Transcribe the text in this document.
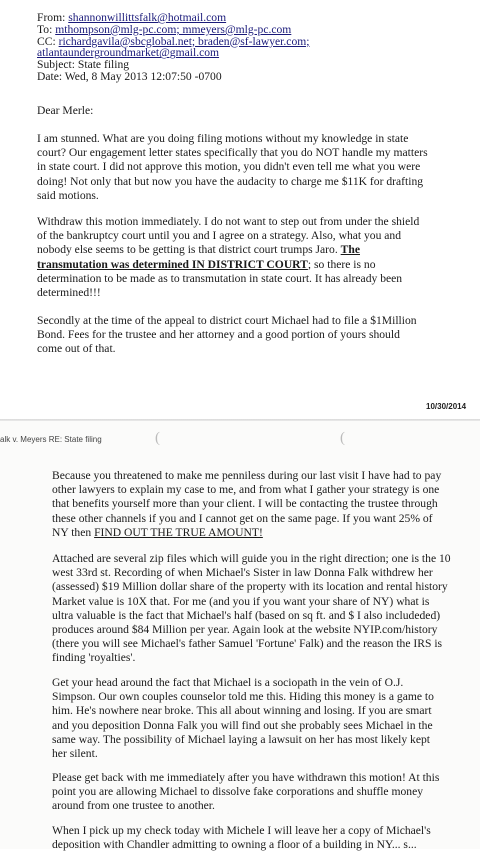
From: shannonwillittsfalk@hotmail.com
To: mthompson@mlg-pc.com; mmeyers@mlg-pc.com
CC: richardgavila@sbcglobal.net; braden@sf-lawyer.com;
atlantaundergroundmarket@gmail.com
Subject: State filing
Date: Wed, 8 May 2013 12:07:50 -0700
Dear Merle:
I am stunned. What are you doing filing motions without my knowledge in state
court? Our engagement letter states specifically that you do NOT handle my matters
in state court. I did not approve this motion, you didn't even tell me what you were
doing! Not only that but now you have the audacity to charge me $11K for drafting
said motions.
Withdraw this motion immediately. I do not want to step out from under the shield
of the bankruptcy court until you and I agree on a strategy. Also, what you and
nobody else seems to be getting is that district court trumps Jaro. The
transmutation was determined IN DISTRICT COURT; so there is no
determination to be made as to transmutation in state court. It has already been
determined!!!
Secondly at the time of the appeal to district court Michael had to file a $1Million
Bond. Fees for the trustee and her attorney and a good portion of yours should
come out of that.
10/30/2014
alk v. Meyers RE: State filing	(	(
Because you threatened to make me penniless during our last visit I have had to pay
other lawyers to explain my case to me, and from what I gather your strategy is one
that benefits yourself more than your client. I will be contacting the trustee through
these other channels if you and I cannot get on the same page. If you want 25% of
NY then FIND OUT THE TRUE AMOUNT!
Attached are several zip files which will guide you in the right direction; one is the 10
west 33rd st. Recording of when Michael's Sister in law Donna Falk withdrew her
(assessed) $19 Million dollar share of the property with its location and rental history
Market value is 10X that. For me (and you if you want your share of NY) what is
ultra valuable is the fact that Michael's half (based on sq ft. and $ I also includeded)
produces around $84 Million per year. Again look at the website NYIP.com/history
(there you will see Michael's father Samuel 'Fortune' Falk) and the reason the IRS is
finding 'royalties'.
Get your head around the fact that Michael is a sociopath in the vein of O.J.
Simpson. Our own couples counselor told me this. Hiding this money is a game to
him. He's nowhere near broke. This all about winning and losing. If you are smart
and you deposition Donna Falk you will find out she probably sees Michael in the
same way. The possibility of Michael laying a lawsuit on her has most likely kept
her silent.
Please get back with me immediately after you have withdrawn this motion! At this
point you are allowing Michael to dissolve fake corporations and shuffle money
around from one trustee to another.
When I pick up my check today with Michele I will leave her a copy of Michael's
deposition with Chandler admitting to owning a floor of a building in NY... s...
